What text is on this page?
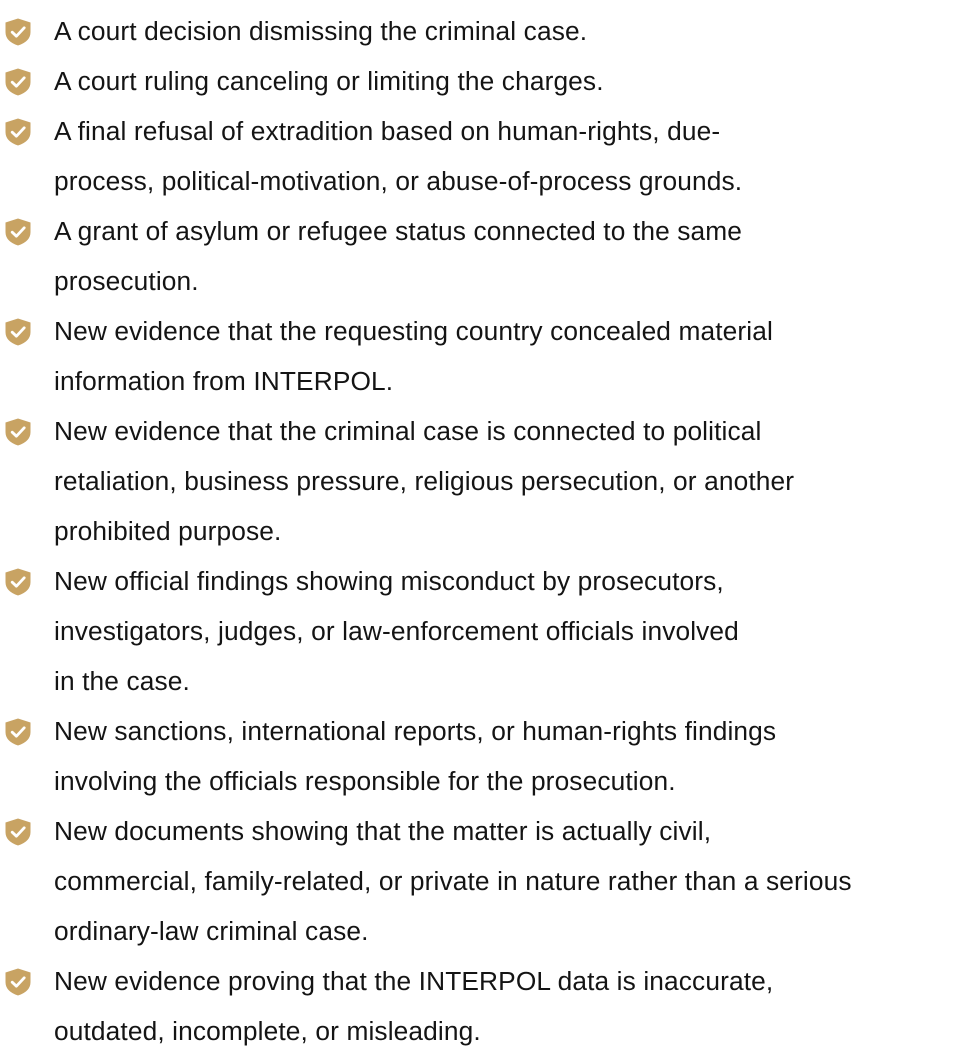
A court decision dismissing the criminal case.
A court ruling canceling or limiting the charges.
A final refusal of extradition based on human-rights, due-
process, political-motivation, or abuse-of-process grounds.
A grant of asylum or refugee status connected to the same
prosecution.
New evidence that the requesting country concealed material
information from INTERPOL.
New evidence that the criminal case is connected to political
retaliation, business pressure, religious persecution, or another
prohibited purpose.
New official findings showing misconduct by prosecutors,
investigators, judges, or law-enforcement officials involved
in the case.
New sanctions, international reports, or human-rights findings
involving the officials responsible for the prosecution.
New documents showing that the matter is actually civil,
commercial, family-related, or private in nature rather than a serious
ordinary-law criminal case.
New evidence proving that the INTERPOL data is inaccurate,
outdated, incomplete, or misleading.
